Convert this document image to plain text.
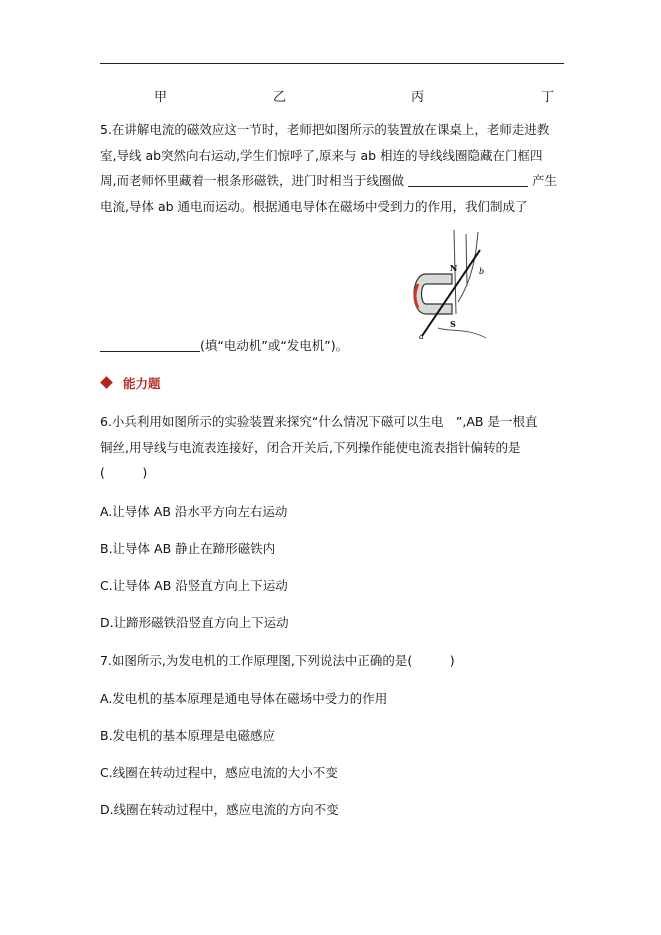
甲	乙	丙	丁
5.在讲解电流的磁效应这一节时，老师把如图所示的装置放在课桌上，老师走进教
室,导线 ab突然向右运动,学生们惊呼了,原来与 ab 相连的导线线圈隐藏在门框四
周,而老师怀里藏着一根条形磁铁，进门时相当于线圈做	产生
电流,导体 ab 通电而运动。根据通电导体在磁场中受到力的作用，我们制成了
N
S
a
b
(填“电动机”或“发电机”)。
能力题
6.小兵利用如图所示的实验装置来探究“什么情况下磁可以生电　”,AB 是一根直
铜丝,用导线与电流表连接好，闭合开关后,下列操作能使电流表指针偏转的是
(　　　)
A.让导体 AB 沿水平方向左右运动
B.让导体 AB 静止在蹄形磁铁内
C.让导体 AB 沿竖直方向上下运动
D.让蹄形磁铁沿竖直方向上下运动
7.如图所示,为发电机的工作原理图,下列说法中正确的是(　　　)
A.发电机的基本原理是通电导体在磁场中受力的作用
B.发电机的基本原理是电磁感应
C.线圈在转动过程中，感应电流的大小不变
D.线圈在转动过程中，感应电流的方向不变
